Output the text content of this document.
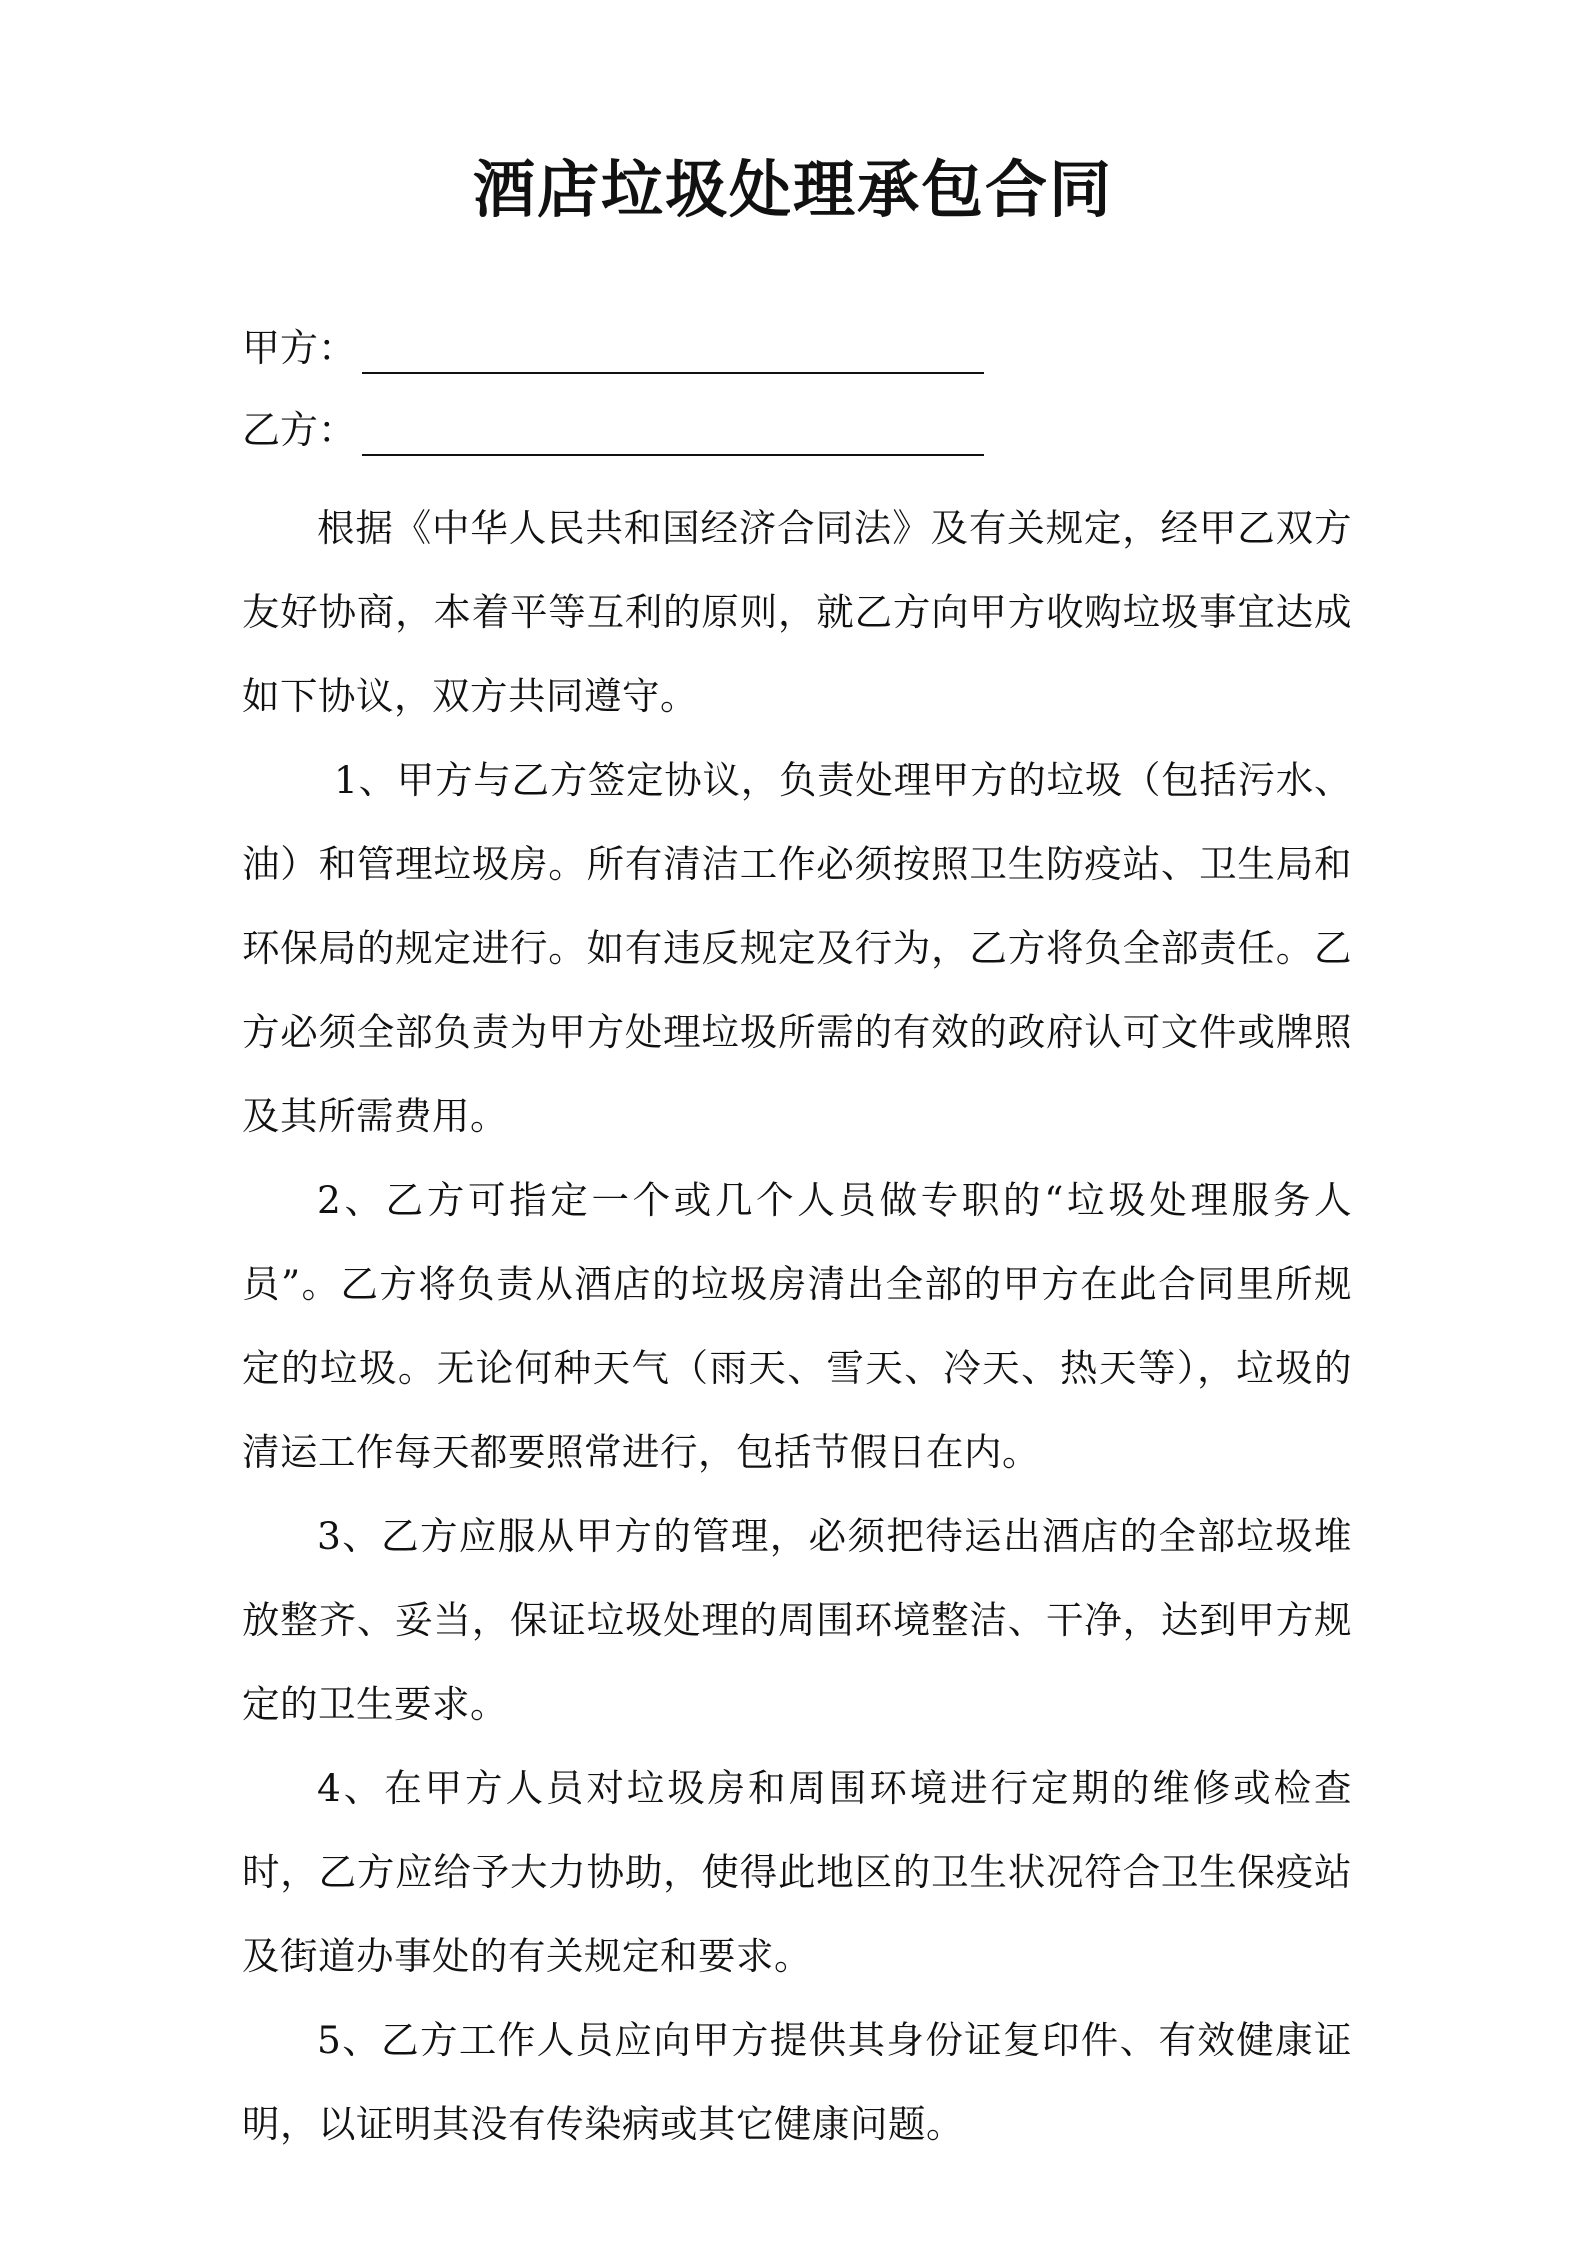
酒店垃圾处理承包合同
甲方：
乙方：

根据《中华人民共和国经济合同法》及有关规定，经甲乙双方友好协商，本着平等互利的原则，就乙方向甲方收购垃圾事宜达成如下协议，双方共同遵守。

1、甲方与乙方签定协议，负责处理甲方的垃圾（包括污水、油）和管理垃圾房。所有清洁工作必须按照卫生防疫站、卫生局和环保局的规定进行。如有违反规定及行为，乙方将负全部责任。乙方必须全部负责为甲方处理垃圾所需的有效的政府认可文件或牌照及其所需费用。

2、乙方可指定一个或几个人员做专职的“垃圾处理服务人员”。乙方将负责从酒店的垃圾房清出全部的甲方在此合同里所规定的垃圾。无论何种天气（雨天、雪天、冷天、热天等），垃圾的清运工作每天都要照常进行，包括节假日在内。

3、乙方应服从甲方的管理，必须把待运出酒店的全部垃圾堆放整齐、妥当，保证垃圾处理的周围环境整洁、干净，达到甲方规定的卫生要求。

4、在甲方人员对垃圾房和周围环境进行定期的维修或检查时，乙方应给予大力协助，使得此地区的卫生状况符合卫生保疫站及街道办事处的有关规定和要求。

5、乙方工作人员应向甲方提供其身份证复印件、有效健康证明，以证明其没有传染病或其它健康问题。
